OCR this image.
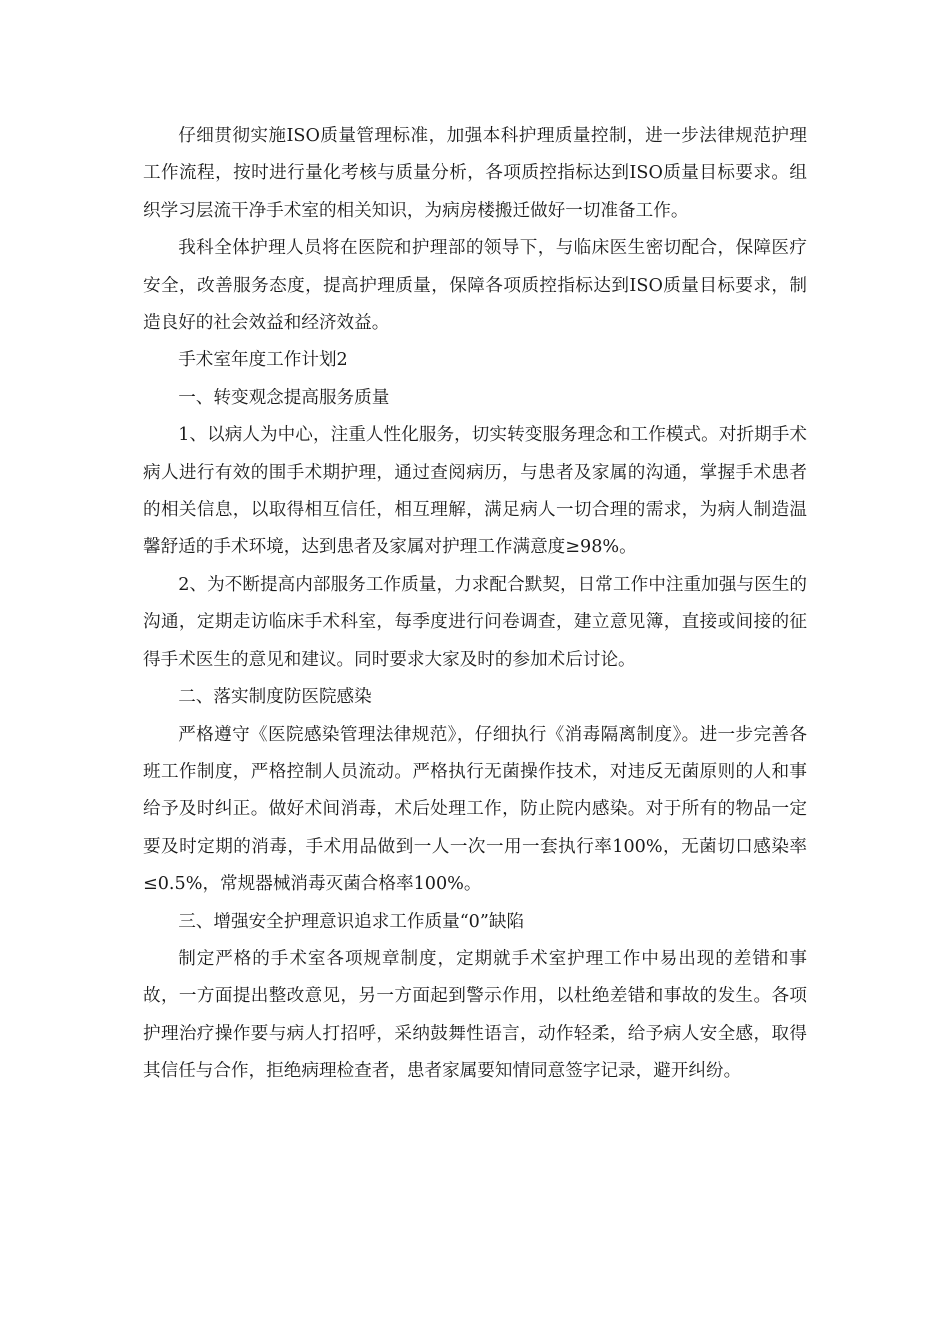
仔细贯彻实施ISO质量管理标准，加强本科护理质量控制，进一步法律规范护理工作流程，按时进行量化考核与质量分析，各项质控指标达到ISO质量目标要求。组织学习层流干净手术室的相关知识，为病房楼搬迁做好一切准备工作。

我科全体护理人员将在医院和护理部的领导下，与临床医生密切配合，保障医疗安全，改善服务态度，提高护理质量，保障各项质控指标达到ISO质量目标要求，制造良好的社会效益和经济效益。

手术室年度工作计划2

一、转变观念提高服务质量

1、以病人为中心，注重人性化服务，切实转变服务理念和工作模式。对折期手术病人进行有效的围手术期护理，通过查阅病历，与患者及家属的沟通，掌握手术患者的相关信息，以取得相互信任，相互理解，满足病人一切合理的需求，为病人制造温馨舒适的手术环境，达到患者及家属对护理工作满意度≥98%。

2、为不断提高内部服务工作质量，力求配合默契，日常工作中注重加强与医生的沟通，定期走访临床手术科室，每季度进行问卷调查，建立意见簿，直接或间接的征得手术医生的意见和建议。同时要求大家及时的参加术后讨论。

二、落实制度防医院感染

严格遵守《医院感染管理法律规范》，仔细执行《消毒隔离制度》。进一步完善各班工作制度，严格控制人员流动。严格执行无菌操作技术，对违反无菌原则的人和事给予及时纠正。做好术间消毒，术后处理工作，防止院内感染。对于所有的物品一定要及时定期的消毒，手术用品做到一人一次一用一套执行率100%，无菌切口感染率≤0.5%，常规器械消毒灭菌合格率100%。

三、增强安全护理意识追求工作质量“0”缺陷

制定严格的手术室各项规章制度，定期就手术室护理工作中易出现的差错和事故，一方面提出整改意见，另一方面起到警示作用，以杜绝差错和事故的发生。各项护理治疗操作要与病人打招呼，采纳鼓舞性语言，动作轻柔，给予病人安全感，取得其信任与合作，拒绝病理检查者，患者家属要知情同意签字记录，避开纠纷。
